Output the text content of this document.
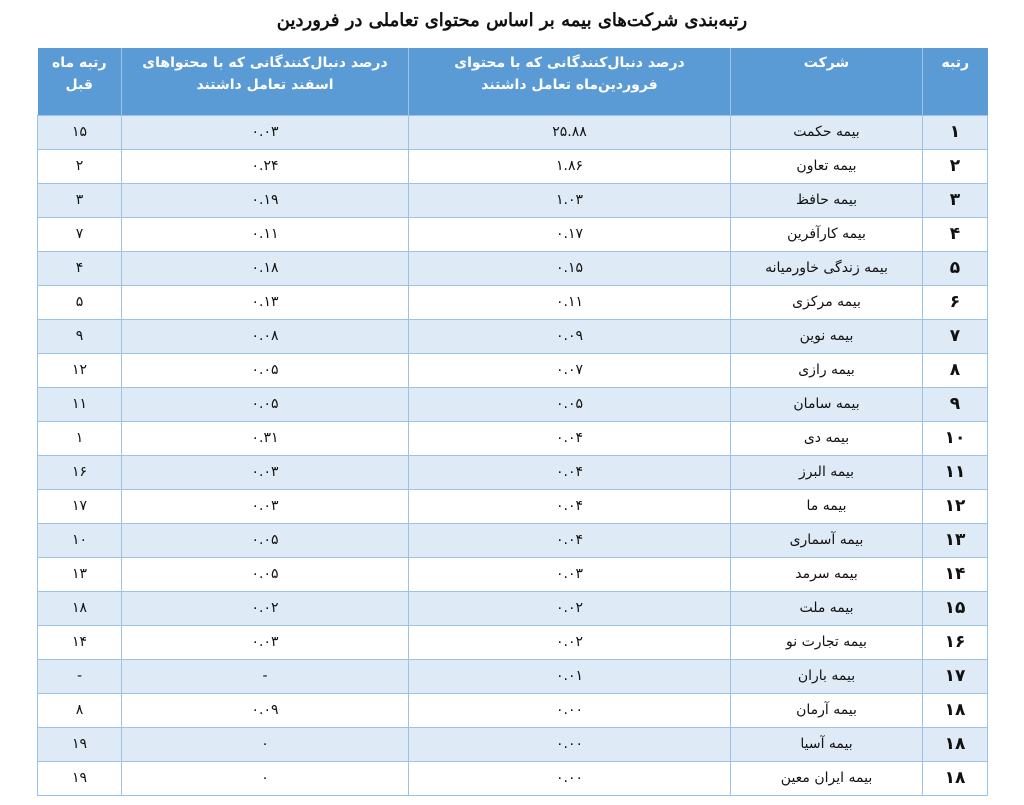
رتبه‌بندی شرکت‌های بیمه بر اساس محتوای تعاملی در فروردین
رتبه	شرکت	درصد دنبال‌کنندگانی که با محتوای فروردین‌ماه تعامل داشتند	درصد دنبال‌کنندگانی که با محتواهای اسفند تعامل داشتند	رتبه ماه قبل
۱	بیمه حکمت	۲۵.۸۸	۰.۰۳	۱۵
۲	بیمه تعاون	۱.۸۶	۰.۲۴	۲
۳	بیمه حافظ	۱.۰۳	۰.۱۹	۳
۴	بیمه کارآفرین	۰.۱۷	۰.۱۱	۷
۵	بیمه زندگی خاورمیانه	۰.۱۵	۰.۱۸	۴
۶	بیمه مرکزی	۰.۱۱	۰.۱۳	۵
۷	بیمه نوین	۰.۰۹	۰.۰۸	۹
۸	بیمه رازی	۰.۰۷	۰.۰۵	۱۲
۹	بیمه سامان	۰.۰۵	۰.۰۵	۱۱
۱۰	بیمه دی	۰.۰۴	۰.۳۱	۱
۱۱	بیمه البرز	۰.۰۴	۰.۰۳	۱۶
۱۲	بیمه ما	۰.۰۴	۰.۰۳	۱۷
۱۳	بیمه آسماری	۰.۰۴	۰.۰۵	۱۰
۱۴	بیمه سرمد	۰.۰۳	۰.۰۵	۱۳
۱۵	بیمه ملت	۰.۰۲	۰.۰۲	۱۸
۱۶	بیمه تجارت نو	۰.۰۲	۰.۰۳	۱۴
۱۷	بیمه باران	۰.۰۱	-	-
۱۸	بیمه آرمان	۰.۰۰	۰.۰۹	۸
۱۸	بیمه آسیا	۰.۰۰	۰	۱۹
۱۸	بیمه ایران معین	۰.۰۰	۰	۱۹
